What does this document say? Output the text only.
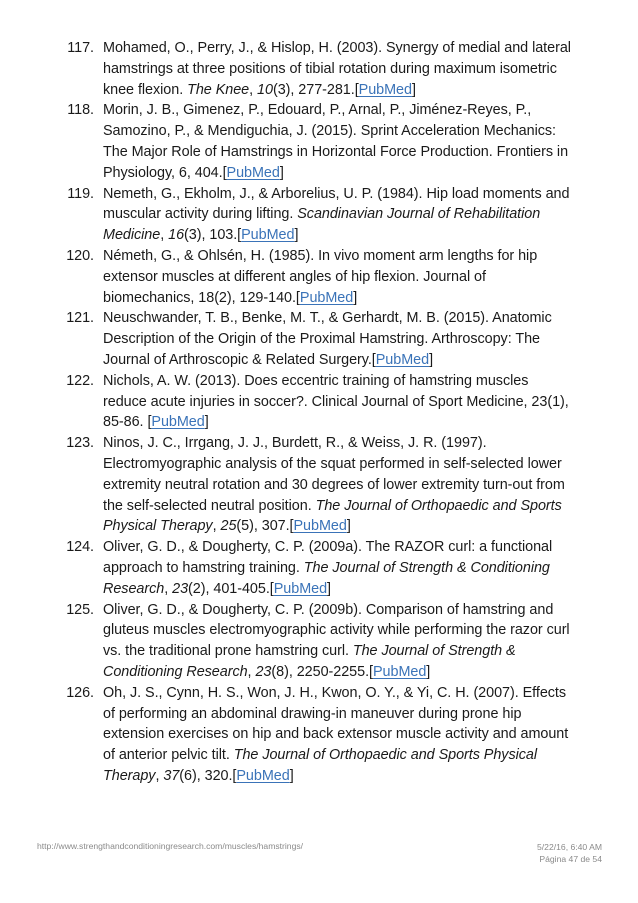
117. Mohamed, O., Perry, J., & Hislop, H. (2003). Synergy of medial and lateral hamstrings at three positions of tibial rotation during maximum isometric knee flexion. The Knee, 10(3), 277-281.[PubMed]
118. Morin, J. B., Gimenez, P., Edouard, P., Arnal, P., Jiménez-Reyes, P., Samozino, P., & Mendiguchia, J. (2015). Sprint Acceleration Mechanics: The Major Role of Hamstrings in Horizontal Force Production. Frontiers in Physiology, 6, 404.[PubMed]
119. Nemeth, G., Ekholm, J., & Arborelius, U. P. (1984). Hip load moments and muscular activity during lifting. Scandinavian Journal of Rehabilitation Medicine, 16(3), 103.[PubMed]
120. Németh, G., & Ohlsén, H. (1985). In vivo moment arm lengths for hip extensor muscles at different angles of hip flexion. Journal of biomechanics, 18(2), 129-140.[PubMed]
121. Neuschwander, T. B., Benke, M. T., & Gerhardt, M. B. (2015). Anatomic Description of the Origin of the Proximal Hamstring. Arthroscopy: The Journal of Arthroscopic & Related Surgery.[PubMed]
122. Nichols, A. W. (2013). Does eccentric training of hamstring muscles reduce acute injuries in soccer?. Clinical Journal of Sport Medicine, 23(1), 85-86. [PubMed]
123. Ninos, J. C., Irrgang, J. J., Burdett, R., & Weiss, J. R. (1997). Electromyographic analysis of the squat performed in self-selected lower extremity neutral rotation and 30 degrees of lower extremity turn-out from the self-selected neutral position. The Journal of Orthopaedic and Sports Physical Therapy, 25(5), 307.[PubMed]
124. Oliver, G. D., & Dougherty, C. P. (2009a). The RAZOR curl: a functional approach to hamstring training. The Journal of Strength & Conditioning Research, 23(2), 401-405.[PubMed]
125. Oliver, G. D., & Dougherty, C. P. (2009b). Comparison of hamstring and gluteus muscles electromyographic activity while performing the razor curl vs. the traditional prone hamstring curl. The Journal of Strength & Conditioning Research, 23(8), 2250-2255.[PubMed]
126. Oh, J. S., Cynn, H. S., Won, J. H., Kwon, O. Y., & Yi, C. H. (2007). Effects of performing an abdominal drawing-in maneuver during prone hip extension exercises on hip and back extensor muscle activity and amount of anterior pelvic tilt. The Journal of Orthopaedic and Sports Physical Therapy, 37(6), 320.[PubMed]
http://www.strengthandconditioningresearch.com/muscles/hamstrings/	5/22/16, 6:40 AM
Página 47 de 54
